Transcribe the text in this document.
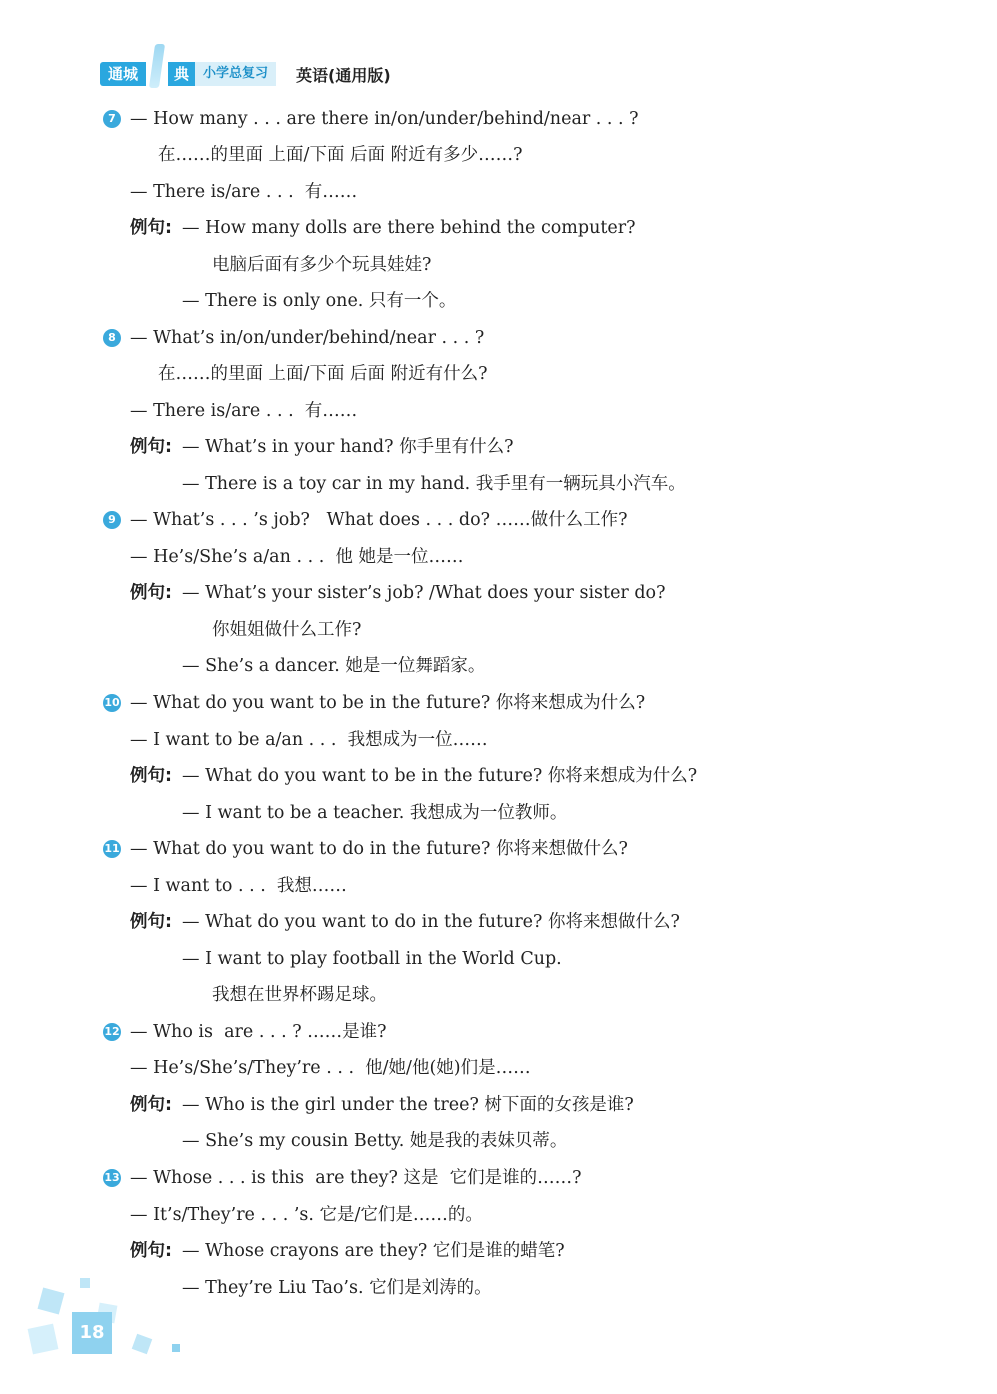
通城	典	小学总复习	英语(通用版)
7 — How many . . . are there in/on/under/behind/near . . . ?
在……的里面 上面/下面 后面 附近有多少……?
— There is/are . . .  有……
例句: — How many dolls are there behind the computer?
电脑后面有多少个玩具娃娃?
— There is only one. 只有一个。
8 — What’s in/on/under/behind/near . . . ?
在……的里面 上面/下面 后面 附近有什么?
— There is/are . . .  有……
例句: — What’s in your hand? 你手里有什么?
— There is a toy car in my hand. 我手里有一辆玩具小汽车。
9 — What’s . . . ’s job?   What does . . . do? ……做什么工作?
— He’s/She’s a/an . . .  他 她是一位……
例句: — What’s your sister’s job? /What does your sister do?
你姐姐做什么工作?
— She’s a dancer. 她是一位舞蹈家。
10 — What do you want to be in the future? 你将来想成为什么?
— I want to be a/an . . .  我想成为一位……
例句: — What do you want to be in the future? 你将来想成为什么?
— I want to be a teacher. 我想成为一位教师。
11 — What do you want to do in the future? 你将来想做什么?
— I want to . . .  我想……
例句: — What do you want to do in the future? 你将来想做什么?
— I want to play football in the World Cup.
我想在世界杯踢足球。
12 — Who is  are . . . ? ……是谁?
— He’s/She’s/They’re . . .  他/她/他(她)们是……
例句: — Who is the girl under the tree? 树下面的女孩是谁?
— She’s my cousin Betty. 她是我的表妹贝蒂。
13 — Whose . . . is this  are they? 这是  它们是谁的……?
— It’s/They’re . . . ’s. 它是/它们是……的。
例句: — Whose crayons are they? 它们是谁的蜡笔?
— They’re Liu Tao’s. 它们是刘涛的。
18
